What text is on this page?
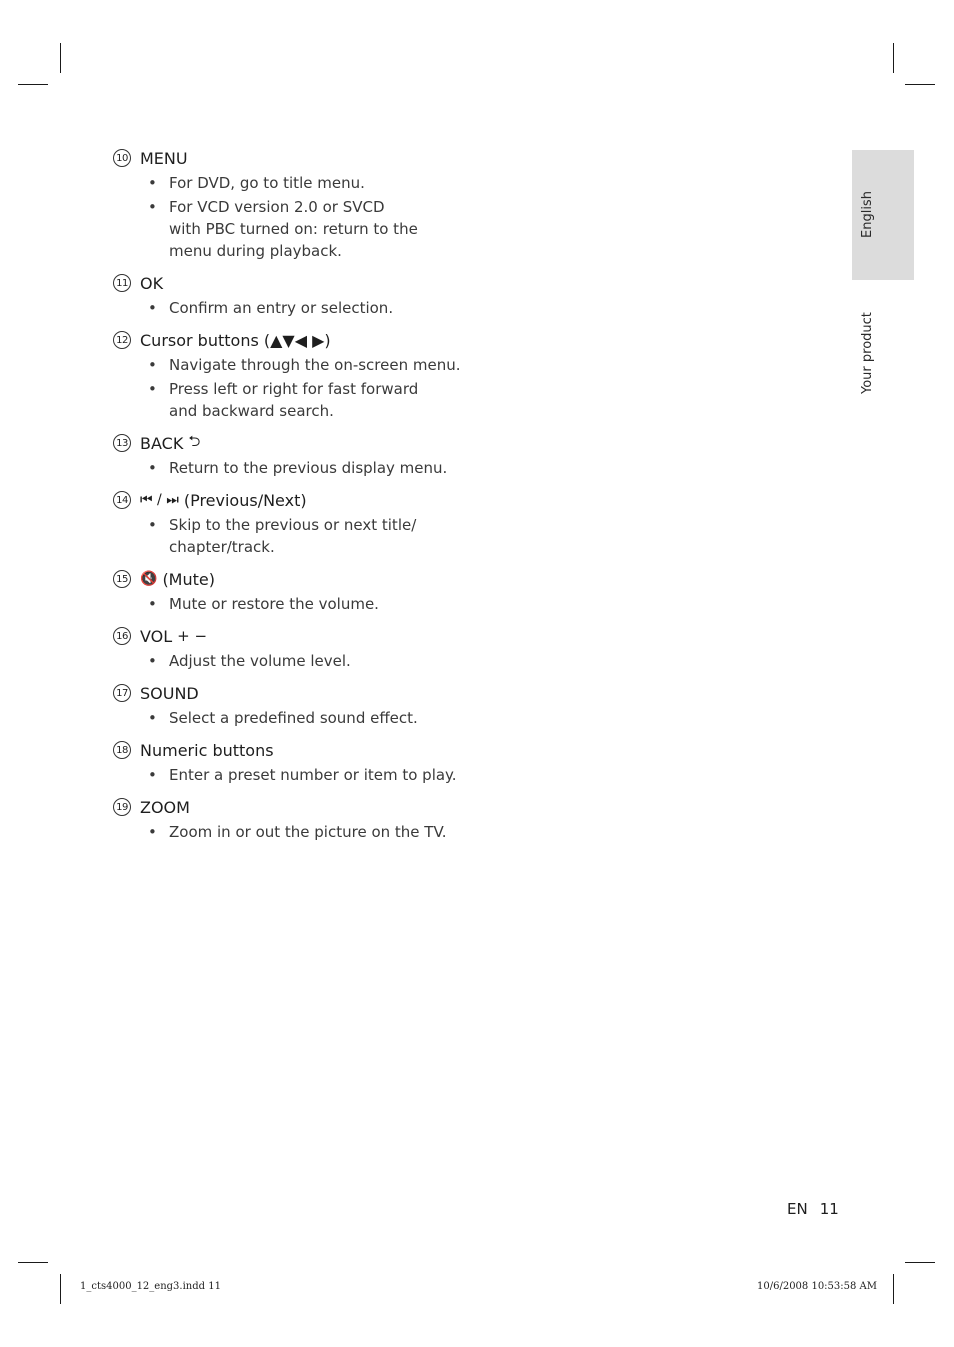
English
Your product
10 MENU
• For DVD, go to title menu.
• For VCD version 2.0 or SVCD with PBC turned on: return to the menu during playback.
11 OK
• Confirm an entry or selection.
12 Cursor buttons (▲▼◀ ▶)
• Navigate through the on-screen menu.
• Press left or right for fast forward and backward search.
13 BACK ⮌
• Return to the previous display menu.
14 ⏮ / ⏭ (Previous/Next)
• Skip to the previous or next title/ chapter/track.
15 🔇 (Mute)
• Mute or restore the volume.
16 VOL + −
• Adjust the volume level.
17 SOUND
• Select a predefined sound effect.
18 Numeric buttons
• Enter a preset number or item to play.
19 ZOOM
• Zoom in or out the picture on the TV.
EN 11
1_cts4000_12_eng3.indd 11	10/6/2008 10:53:58 AM
